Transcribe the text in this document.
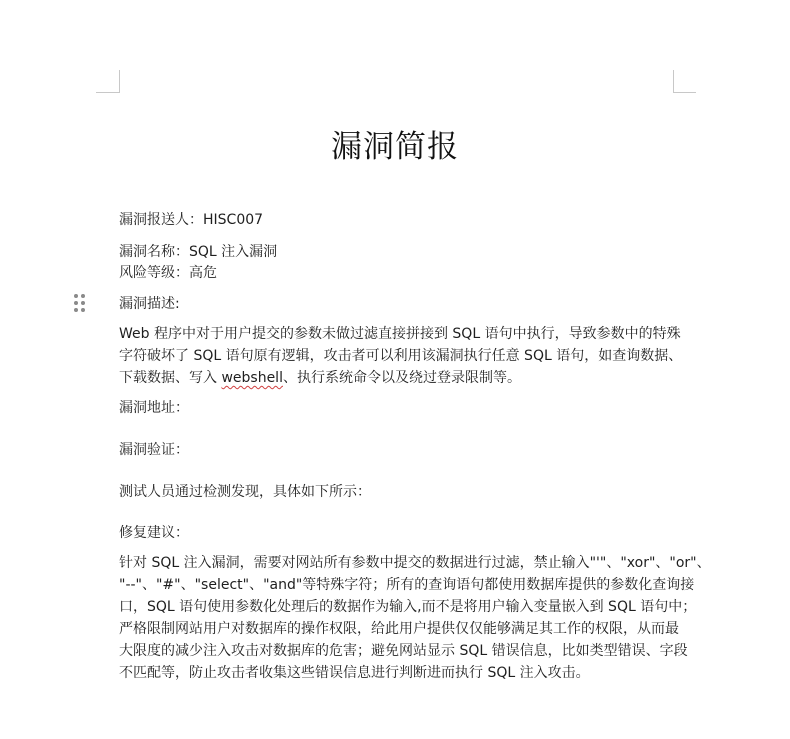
漏洞简报
漏洞报送人：HISC007
漏洞名称：SQL 注入漏洞
风险等级：高危
漏洞描述:
Web 程序中对于用户提交的参数未做过滤直接拼接到 SQL 语句中执行，导致参数中的特殊
字符破坏了 SQL 语句原有逻辑，攻击者可以利用该漏洞执行任意 SQL 语句，如查询数据、
下载数据、写入 webshell、执行系统命令以及绕过登录限制等。
漏洞地址：
漏洞验证：
测试人员通过检测发现，具体如下所示：
修复建议：
针对 SQL 注入漏洞，需要对网站所有参数中提交的数据进行过滤，禁止输入"'"、"xor"、"or"、
"--"、"#"、"select"、"and"等特殊字符；所有的查询语句都使用数据库提供的参数化查询接
口，SQL 语句使用参数化处理后的数据作为输入,而不是将用户输入变量嵌入到 SQL 语句中；
严格限制网站用户对数据库的操作权限，给此用户提供仅仅能够满足其工作的权限，从而最
大限度的减少注入攻击对数据库的危害；避免网站显示 SQL 错误信息，比如类型错误、字段
不匹配等，防止攻击者收集这些错误信息进行判断进而执行 SQL 注入攻击。
